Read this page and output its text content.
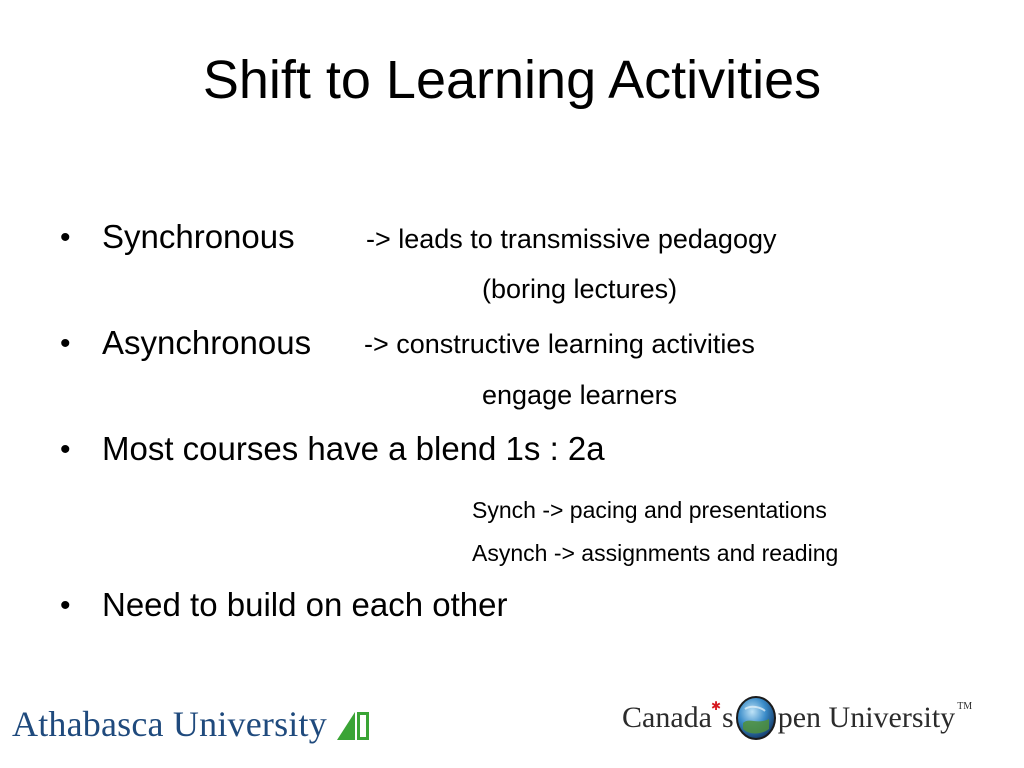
Shift to Learning Activities
• Synchronous	-> leads to transmissive pedagogy
(boring lectures)
• Asynchronous -> constructive learning activities
engage learners
• Most courses have a blend 1s : 2a
Synch -> pacing and presentations
Asynch -> assignments and reading
• Need to build on each other
Athabasca University	Canada ✱ s pen University TM
